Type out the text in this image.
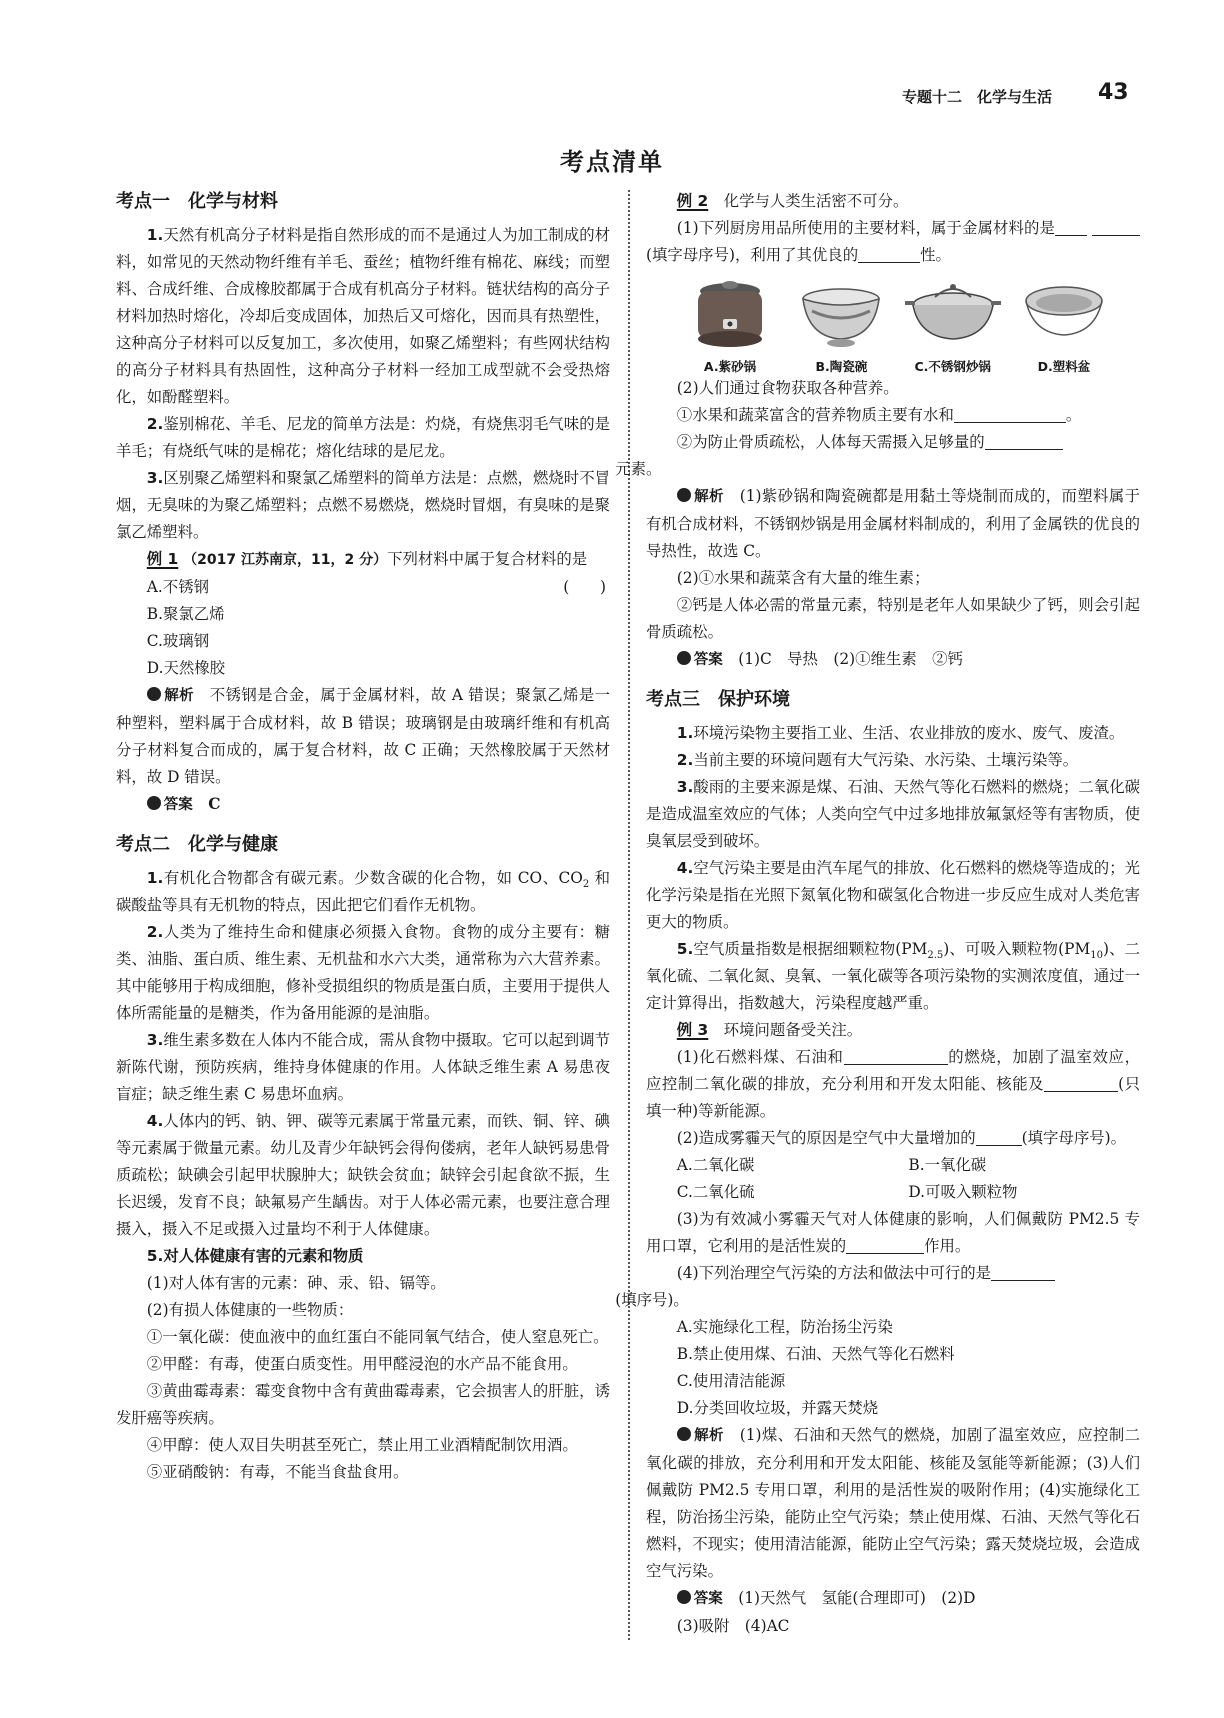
专题十二　化学与生活 43
考点清单
考点一　化学与材料

1.天然有机高分子材料是指自然形成的而不是通过人为加工制成的材料，如常见的天然动物纤维有羊毛、蚕丝；植物纤维有棉花、麻线；而塑料、合成纤维、合成橡胶都属于合成有机高分子材料。链状结构的高分子材料加热时熔化，冷却后变成固体，加热后又可熔化，因而具有热塑性，这种高分子材料可以反复加工，多次使用，如聚乙烯塑料；有些网状结构的高分子材料具有热固性，这种高分子材料一经加工成型就不会受热熔化，如酚醛塑料。

2.鉴别棉花、羊毛、尼龙的简单方法是：灼烧，有烧焦羽毛气味的是羊毛；有烧纸气味的是棉花；熔化结球的是尼龙。

3.区别聚乙烯塑料和聚氯乙烯塑料的简单方法是：点燃，燃烧时不冒烟，无臭味的为聚乙烯塑料；点燃不易燃烧，燃烧时冒烟，有臭味的是聚氯乙烯塑料。

例 1 （2017 江苏南京，11，2 分）下列材料中属于复合材料的是
(　　)

A.不锈钢

B.聚氯乙烯

C.玻璃钢

D.天然橡胶

解析　 不锈钢是合金，属于金属材料，故 A 错误；聚氯乙烯是一种塑料，塑料属于合成材料，故 B 错误；玻璃钢是由玻璃纤维和有机高分子材料复合而成的，属于复合材料，故 C 正确；天然橡胶属于天然材料，故 D 错误。

答案　 C

考点二　化学与健康

1.有机化合物都含有碳元素。少数含碳的化合物，如 CO、$CO_2$ 和碳酸盐等具有无机物的特点，因此把它们看作无机物。

2.人类为了维持生命和健康必须摄入食物。食物的成分主要有：糖类、油脂、蛋白质、维生素、无机盐和水六大类，通常称为六大营养素。其中能够用于构成细胞，修补受损组织的物质是蛋白质，主要用于提供人体所需能量的是糖类，作为备用能源的是油脂。

3.维生素多数在人体内不能合成，需从食物中摄取。它可以起到调节新陈代谢，预防疾病，维持身体健康的作用。人体缺乏维生素 A 易患夜盲症；缺乏维生素 C 易患坏血病。

4.人体内的钙、钠、钾、碳等元素属于常量元素，而铁、铜、锌、碘等元素属于微量元素。幼儿及青少年缺钙会得佝偻病，老年人缺钙易患骨质疏松；缺碘会引起甲状腺肿大；缺铁会贫血；缺锌会引起食欲不振，生长迟缓，发育不良；缺氟易产生龋齿。对于人体必需元素，也要注意合理摄入，摄入不足或摄入过量均不利于人体健康。

5.对人体健康有害的元素和物质

(1)对人体有害的元素：砷、汞、铅、镉等。

(2)有损人体健康的一些物质：

①一氧化碳：使血液中的血红蛋白不能同氧气结合，使人窒息死亡。

②甲醛：有毒，使蛋白质变性。用甲醛浸泡的水产品不能食用。

③黄曲霉毒素：霉变食物中含有黄曲霉毒素，它会损害人的肝脏，诱发肝癌等疾病。

④甲醇：使人双目失明甚至死亡，禁止用工业酒精配制饮用酒。

⑤亚硝酸钠：有毒，不能当食盐食用。

例 2　 化学与人类生活密不可分。

(1)下列厨房用品所使用的主要材料，属于金属材料的是 (填字母序号)，利用了其优良的	性。

A.紫砂锅	B.陶瓷碗	C.不锈钢炒锅	D.塑料盆

(2)人们通过食物获取各种营养。

①水果和蔬菜富含的营养物质主要有水和	。

②为防止骨质疏松，人体每天需摄入足够量的
元素。

解析　 (1)紫砂锅和陶瓷碗都是用黏土等烧制而成的，而塑料属于有机合成材料，不锈钢炒锅是用金属材料制成的，利用了金属铁的优良的导热性，故选 C。

(2)①水果和蔬菜含有大量的维生素；

②钙是人体必需的常量元素，特别是老年人如果缺少了钙，则会引起骨质疏松。

答案　 (1)C　导热　(2)①维生素　②钙

考点三　保护环境

1.环境污染物主要指工业、生活、农业排放的废水、废气、废渣。

2.当前主要的环境问题有大气污染、水污染、土壤污染等。

3.酸雨的主要来源是煤、石油、天然气等化石燃料的燃烧；二氧化碳是造成温室效应的气体；人类向空气中过多地排放氟氯烃等有害物质，使臭氧层受到破坏。

4.空气污染主要是由汽车尾气的排放、化石燃料的燃烧等造成的；光化学污染是指在光照下氮氧化物和碳氢化合物进一步反应生成对人类危害更大的物质。

5.空气质量指数是根据细颗粒物$(PM_{2.5})$、可吸入颗粒物$(PM_{10})$、二氧化硫、二氧化氮、臭氧、一氧化碳等各项污染物的实测浓度值，通过一定计算得出，指数越大，污染程度越严重。

例 3　 环境问题备受关注。

(1)化石燃料煤、石油和	的燃烧，加剧了温室效应，应控制二氧化碳的排放，充分利用和开发太阳能、核能及	(只填一种)等新能源。

(2)造成雾霾天气的原因是空气中大量增加的	(填字母序号)。

A.二氧化碳	B.一氧化碳
C.二氧化硫	D.可吸入颗粒物

(3)为有效减小雾霾天气对人体健康的影响，人们佩戴防 PM2.5 专用口罩，它利用的是活性炭的	作用。

(4)下列治理空气污染的方法和做法中可行的是
(填序号)。

A.实施绿化工程，防治扬尘污染

B.禁止使用煤、石油、天然气等化石燃料

C.使用清洁能源

D.分类回收垃圾，并露天焚烧

解析　 (1)煤、石油和天然气的燃烧，加剧了温室效应，应控制二氧化碳的排放，充分利用和开发太阳能、核能及氢能等新能源；(3)人们佩戴防 PM2.5 专用口罩，利用的是活性炭的吸附作用；(4)实施绿化工程，防治扬尘污染，能防止空气污染；禁止使用煤、石油、天然气等化石燃料，不现实；使用清洁能源，能防止空气污染；露天焚烧垃圾，会造成空气污染。

答案　 (1)天然气　氢能(合理即可)　(2)D

(3)吸附　(4)AC
